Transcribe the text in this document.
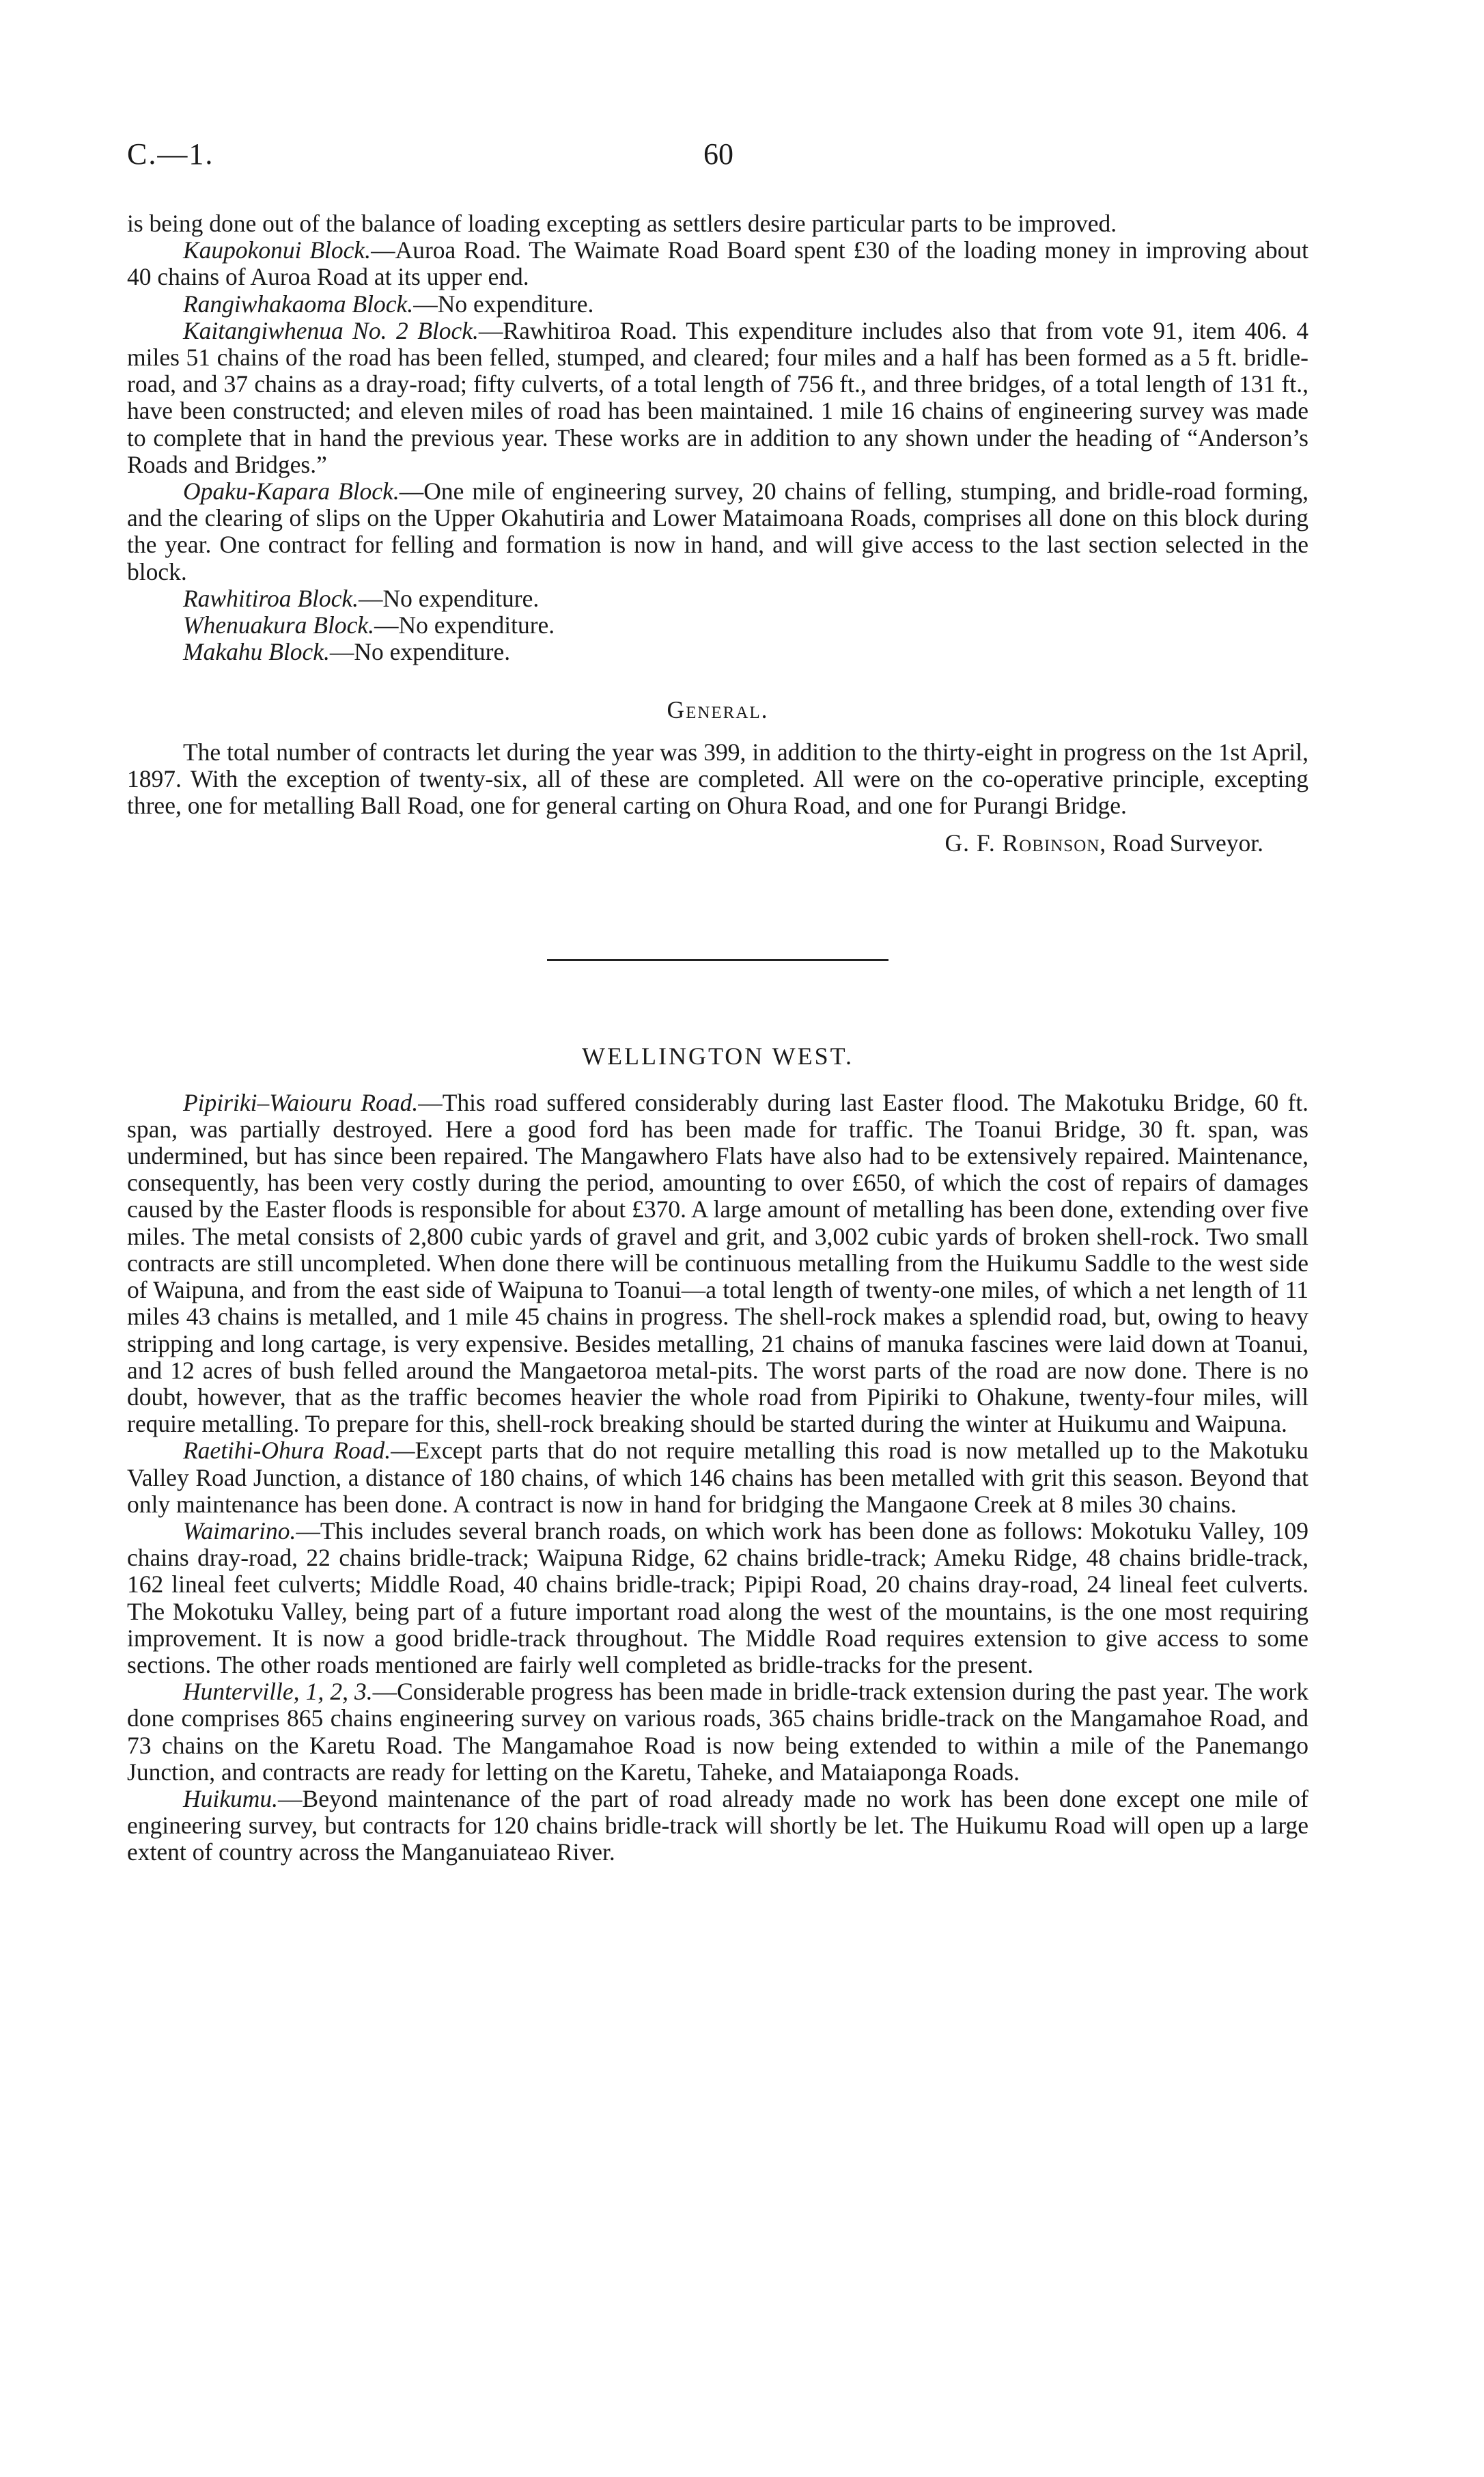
C.—1.	60

is being done out of the balance of loading excepting as settlers desire particular parts to be improved.

Kaupokonui Block.—Auroa Road. The Waimate Road Board spent £30 of the loading money in improving about 40 chains of Auroa Road at its upper end.

Rangiwhakaoma Block.—No expenditure.

Kaitangiwhenua No. 2 Block.—Rawhitiroa Road. This expenditure includes also that from vote 91, item 406. 4 miles 51 chains of the road has been felled, stumped, and cleared; four miles and a half has been formed as a 5 ft. bridle-road, and 37 chains as a dray-road; fifty culverts, of a total length of 756 ft., and three bridges, of a total length of 131 ft., have been constructed; and eleven miles of road has been maintained. 1 mile 16 chains of engineering survey was made to complete that in hand the previous year. These works are in addition to any shown under the heading of “Anderson’s Roads and Bridges.”

Opaku-Kapara Block.—One mile of engineering survey, 20 chains of felling, stumping, and bridle-road forming, and the clearing of slips on the Upper Okahutiria and Lower Mataimoana Roads, comprises all done on this block during the year. One contract for felling and formation is now in hand, and will give access to the last section selected in the block.

Rawhitiroa Block.—No expenditure.

Whenuakura Block.—No expenditure.

Makahu Block.—No expenditure.

General.

The total number of contracts let during the year was 399, in addition to the thirty-eight in progress on the 1st April, 1897. With the exception of twenty-six, all of these are completed. All were on the co-operative principle, excepting three, one for metalling Ball Road, one for general carting on Ohura Road, and one for Purangi Bridge.

G. F. Robinson, Road Surveyor.

WELLINGTON WEST.

Pipiriki–Waiouru Road.—This road suffered considerably during last Easter flood. The Makotuku Bridge, 60 ft. span, was partially destroyed. Here a good ford has been made for traffic. The Toanui Bridge, 30 ft. span, was undermined, but has since been repaired. The Mangawhero Flats have also had to be extensively repaired. Maintenance, consequently, has been very costly during the period, amounting to over £650, of which the cost of repairs of damages caused by the Easter floods is responsible for about £370. A large amount of metalling has been done, extending over five miles. The metal consists of 2,800 cubic yards of gravel and grit, and 3,002 cubic yards of broken shell-rock. Two small contracts are still uncompleted. When done there will be continuous metalling from the Huikumu Saddle to the west side of Waipuna, and from the east side of Waipuna to Toanui—a total length of twenty-one miles, of which a net length of 11 miles 43 chains is metalled, and 1 mile 45 chains in progress. The shell-rock makes a splendid road, but, owing to heavy stripping and long cartage, is very expensive. Besides metalling, 21 chains of manuka fascines were laid down at Toanui, and 12 acres of bush felled around the Mangaetoroa metal-pits. The worst parts of the road are now done. There is no doubt, however, that as the traffic becomes heavier the whole road from Pipiriki to Ohakune, twenty-four miles, will require metalling. To prepare for this, shell-rock breaking should be started during the winter at Huikumu and Waipuna.

Raetihi-Ohura Road.—Except parts that do not require metalling this road is now metalled up to the Makotuku Valley Road Junction, a distance of 180 chains, of which 146 chains has been metalled with grit this season. Beyond that only maintenance has been done. A contract is now in hand for bridging the Mangaone Creek at 8 miles 30 chains.

Waimarino.—This includes several branch roads, on which work has been done as follows: Mokotuku Valley, 109 chains dray-road, 22 chains bridle-track; Waipuna Ridge, 62 chains bridle-track; Ameku Ridge, 48 chains bridle-track, 162 lineal feet culverts; Middle Road, 40 chains bridle-track; Pipipi Road, 20 chains dray-road, 24 lineal feet culverts. The Mokotuku Valley, being part of a future important road along the west of the mountains, is the one most requiring improvement. It is now a good bridle-track throughout. The Middle Road requires extension to give access to some sections. The other roads mentioned are fairly well completed as bridle-tracks for the present.

Hunterville, 1, 2, 3.—Considerable progress has been made in bridle-track extension during the past year. The work done comprises 865 chains engineering survey on various roads, 365 chains bridle-track on the Mangamahoe Road, and 73 chains on the Karetu Road. The Mangamahoe Road is now being extended to within a mile of the Panemango Junction, and contracts are ready for letting on the Karetu, Taheke, and Mataiaponga Roads.

Huikumu.—Beyond maintenance of the part of road already made no work has been done except one mile of engineering survey, but contracts for 120 chains bridle-track will shortly be let. The Huikumu Road will open up a large extent of country across the Manganuiateao River.
